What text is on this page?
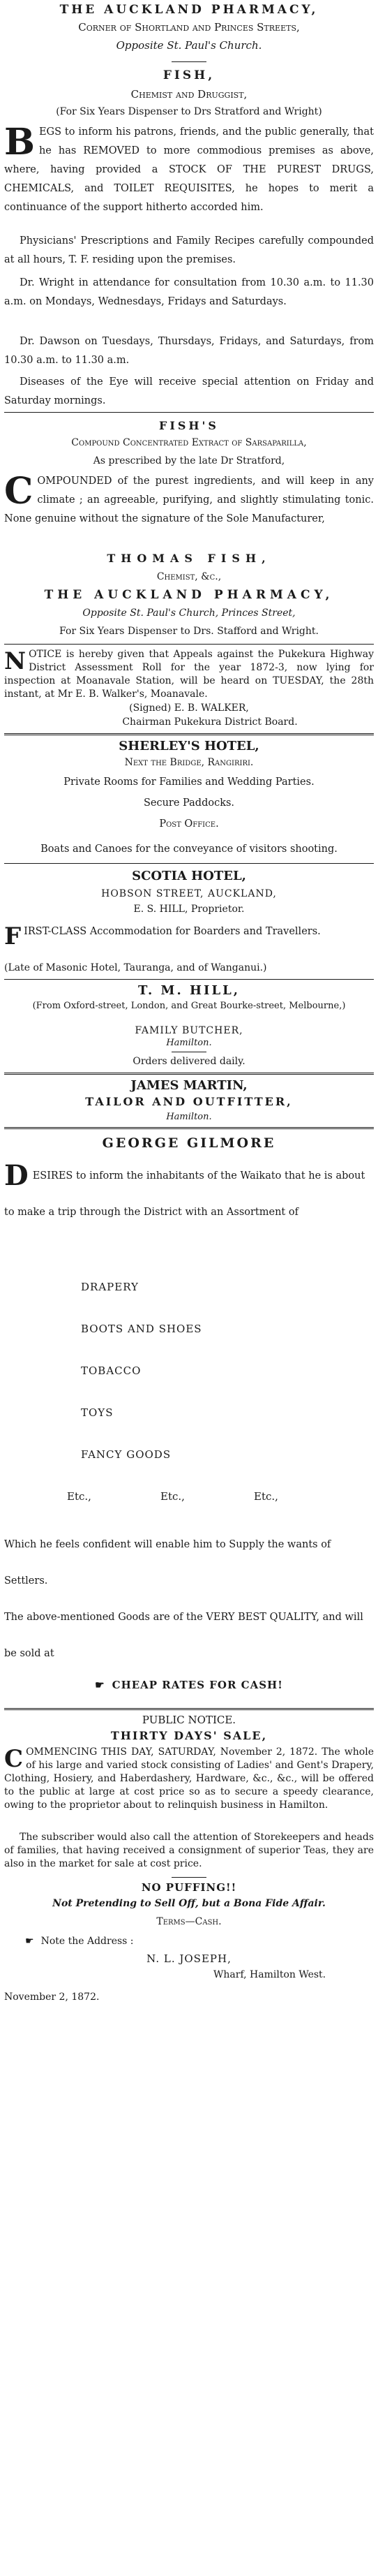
THE AUCKLAND PHARMACY,
Corner of Shortland and Princes Streets,
Opposite St. Paul's Church.
FISH,
Chemist and Druggist,
(For Six Years Dispenser to Drs Stratford and Wright)
BEGS to inform his patrons, friends, and the public generally, that he has REMOVED to more commodious premises as above, where, having provided a STOCK OF THE PUREST DRUGS, CHEMICALS, and TOILET REQUISITES, he hopes to merit a continuance of the support hitherto accorded him.
Physicians' Prescriptions and Family Recipes carefully compounded at all hours, T. F. residing upon the premises.
Dr. Wright in attendance for consultation from 10.30 a.m. to 11.30 a.m. on Mondays, Wednesdays, Fridays and Saturdays.
Dr. Dawson on Tuesdays, Thursdays, Fridays, and Saturdays, from 10.30 a.m. to 11.30 a.m.
Diseases of the Eye will receive special attention on Friday and Saturday mornings.
FISH'S
Compound Concentrated Extract of Sarsaparilla,
As prescribed by the late Dr Stratford,
COMPOUNDED of the purest ingredients, and will keep in any climate ; an agreeable, purifying, and slightly stimulating tonic. None genuine without the signature of the Sole Manufacturer,
THOMAS FISH,
Chemist, &c.,
THE AUCKLAND PHARMACY,
Opposite St. Paul's Church, Princes Street,
For Six Years Dispenser to Drs. Stafford and Wright.
NOTICE is hereby given that Appeals against the Pukekura Highway District Assessment Roll for the year 1872-3, now lying for inspection at Moanavale Station, will be heard on TUESDAY, the 28th instant, at Mr E. B. Walker's, Moanavale.
(Signed) E. B. WALKER,
Chairman Pukekura District Board.
SHERLEY'S HOTEL,
Next the Bridge, Rangiriri.
Private Rooms for Families and Wedding Parties.
Secure Paddocks.
Post Office.
Boats and Canoes for the conveyance of visitors shooting.
SCOTIA HOTEL,
HOBSON STREET, AUCKLAND,
E. S. HILL, Proprietor.
FIRST-CLASS Accommodation for Boarders and Travellers.
(Late of Masonic Hotel, Tauranga, and of Wanganui.)
T. M. HILL,
(From Oxford-street, London, and Great Bourke-street, Melbourne,)
FAMILY BUTCHER,
Hamilton.
Orders delivered daily.
JAMES MARTIN,
TAILOR AND OUTFITTER,
Hamilton.
GEORGE GILMORE
DESIRES to inform the inhabitants of the Waikato that he is about to make a trip through the District with an Assortment of
DRAPERY
BOOTS AND SHOES
TOBACCO
TOYS
FANCY GOODS
Etc.,	Etc.,	Etc.,
Which he feels confident will enable him to Supply the wants of Settlers.
The above-mentioned Goods are of the VERY BEST QUALITY, and will be sold at
☛ CHEAP RATES FOR CASH!
PUBLIC NOTICE.
THIRTY DAYS' SALE,
COMMENCING THIS DAY, SATURDAY, November 2, 1872. The whole of his large and varied stock consisting of Ladies' and Gent's Drapery, Clothing, Hosiery, and Haberdashery, Hardware, &c., &c., will be offered to the public at large at cost price so as to secure a speedy clearance, owing to the proprietor about to relinquish business in Hamilton.
The subscriber would also call the attention of Storekeepers and heads of families, that having received a consignment of superior Teas, they are also in the market for sale at cost price.
NO PUFFING!!
Not Pretending to Sell Off, but a Bona Fide Affair.
Terms—Cash.
☛ Note the Address :
N. L. JOSEPH,
Wharf, Hamilton West.
November 2, 1872.
